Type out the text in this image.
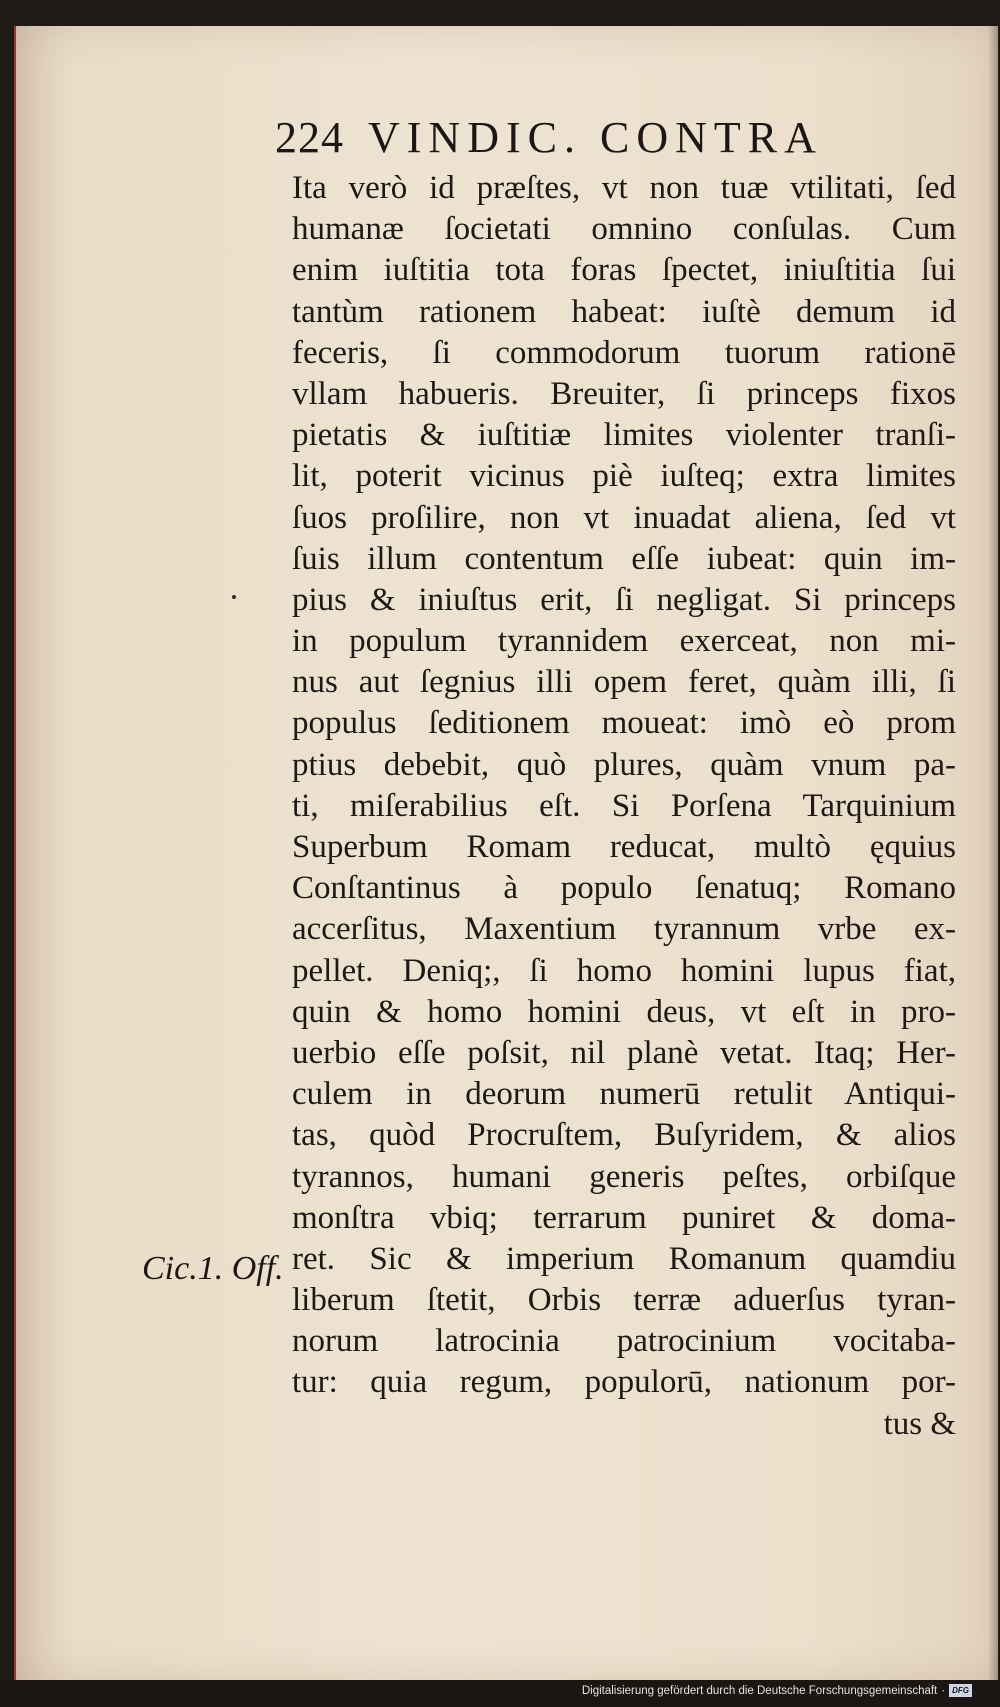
224 VINDIC. CONTRA
Cic.1. Off.
Ita verò id præſtes, vt non tuæ vtilitati, ſed
humanæ ſocietati omnino conſulas. Cum
enim iuſtitia tota foras ſpectet, iniuſtitia ſui
tantùm rationem habeat: iuſtè demum id
feceris, ſi commodorum tuorum rationē
vllam habueris. Breuiter, ſi princeps fixos
pietatis & iuſtitiæ limites violenter tranſi-
lit, poterit vicinus piè iuſteq; extra limites
ſuos proſilire, non vt inuadat aliena, ſed vt
ſuis illum contentum eſſe iubeat: quin im-
pius & iniuſtus erit, ſi negligat. Si princeps
in populum tyrannidem exerceat, non mi-
nus aut ſegnius illi opem feret, quàm illi, ſi
populus ſeditionem moueat: imò eò prom
ptius debebit, quò plures, quàm vnum pa-
ti, miſerabilius eſt. Si Porſena Tarquinium
Superbum Romam reducat, multò ęquius
Conſtantinus à populo ſenatuq; Romano
accerſitus, Maxentium tyrannum vrbe ex-
pellet. Deniq;, ſi homo homini lupus fiat,
quin & homo homini deus, vt eſt in pro-
uerbio eſſe poſsit, nil planè vetat. Itaq; Her-
culem in deorum numerū retulit Antiqui-
tas, quòd Procruſtem, Buſyridem, & alios
tyrannos, humani generis peſtes, orbiſque
monſtra vbiq; terrarum puniret & doma-
ret. Sic & imperium Romanum quamdiu
liberum ſtetit, Orbis terræ aduerſus tyran-
norum latrocinia patrocinium vocitaba-
tur: quia regum, populorū, nationum por-
tus &
Digitalisierung gefördert durch die Deutsche Forschungsgemeinschaft · DFG
